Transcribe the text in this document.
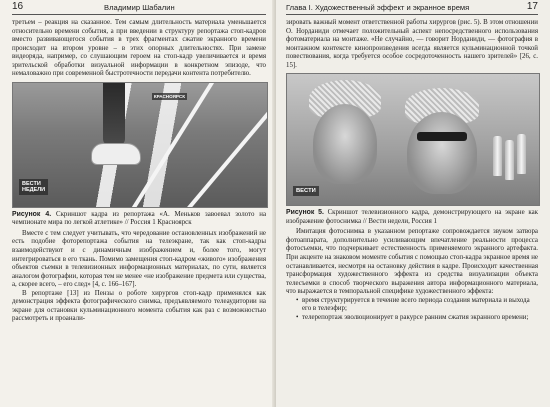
16	Владимир Шабалин

третьем – реакция на сказанное. Тем самым длительность материала уменьшается относительно времени события, а при введении в структуру репортажа стоп-кадров вместо развивающегося события в трех фрагментах сжатие экранного времени происходит на втором уровне – в этих опорных длительностях. При замене видеоряда, например, со слушающим героем на стоп-кадр увеличивается и время зрительской обработки визуальной информации в конкретном эпизоде, что немаловажно при современной быстротечности передачи контента потребителю.

КРАСНОЯРСК
ВЕСТИ
НЕДЕЛИ

Рисунок 4. Скриншот кадра из репортажа «А. Меньков завоевал золото на чемпионате мира по легкой атлетике» // Россия 1 Красноярск

Вместе с тем следует учитывать, что чередование остановленных изображений не есть подобие фоторепортажа события на телеэкране, так как стоп-кадры взаимодействуют и с динамичным изображением и, более того, могут интегрироваться в его ткань. Помимо замещения стоп-кадром «живого» изображения объектов съемки в телевизионных информационных материалах, по сути, является аналогом фотографии, которая тем не менее «не изображение предмета или существа, а, скорее всего, – его след» [4, с. 166–167].

В репортаже [13] из Пензы о роботе хирургов стоп-кадр применялся как демонстрация эффекта фотографического снимка, предъявляемого телеаудитории на экране для остановки кульминационного момента события как раз с возможностью рассмотреть и проанали-

Глава I. Художественный эффект и экранное время	17

зировать важный момент ответственной работы хирургов (рис. 5). В этом отношении О. Норданиди отмечает положительный аспект непосредственного использования фотоматериала на монтаже. «Не случайно, — говорит Норданиди, — фотография в монтажном контексте кинопроизведения всегда является кульминационной точкой повествования, когда требуется особое сосредоточенность нашего зрителей» [26, с. 15].

ВЕСТИ

Рисунок 5. Скриншот телевизионного кадра, демонстрирующего на экране как изображение фотоснимка // Вести недели, Россия 1

Имитация фотоснимка в указанном репортаже сопровождается звуком затвора фотоаппарата, дополнительно усиливающим впечатление реальности процесса фотосъемки, что подчеркивает естественность применяемого экранного артефакта. При акценте на знаковом моменте события с помощью стоп-кадра экранное время не останавливается, несмотря на остановку действия в кадре. Происходит качественная трансформация художественного эффекта из средства визуализации объекта телесъемки в способ творческого выражения автора информационного материала, что выражается в темпоральной специфике художественного эффекта:

• время структурируется в течение всего периода создания материала и выхода его в телеэфир;
• телерепортаж эволюционирует в ракурсе ранним сжатия экранного времени;
